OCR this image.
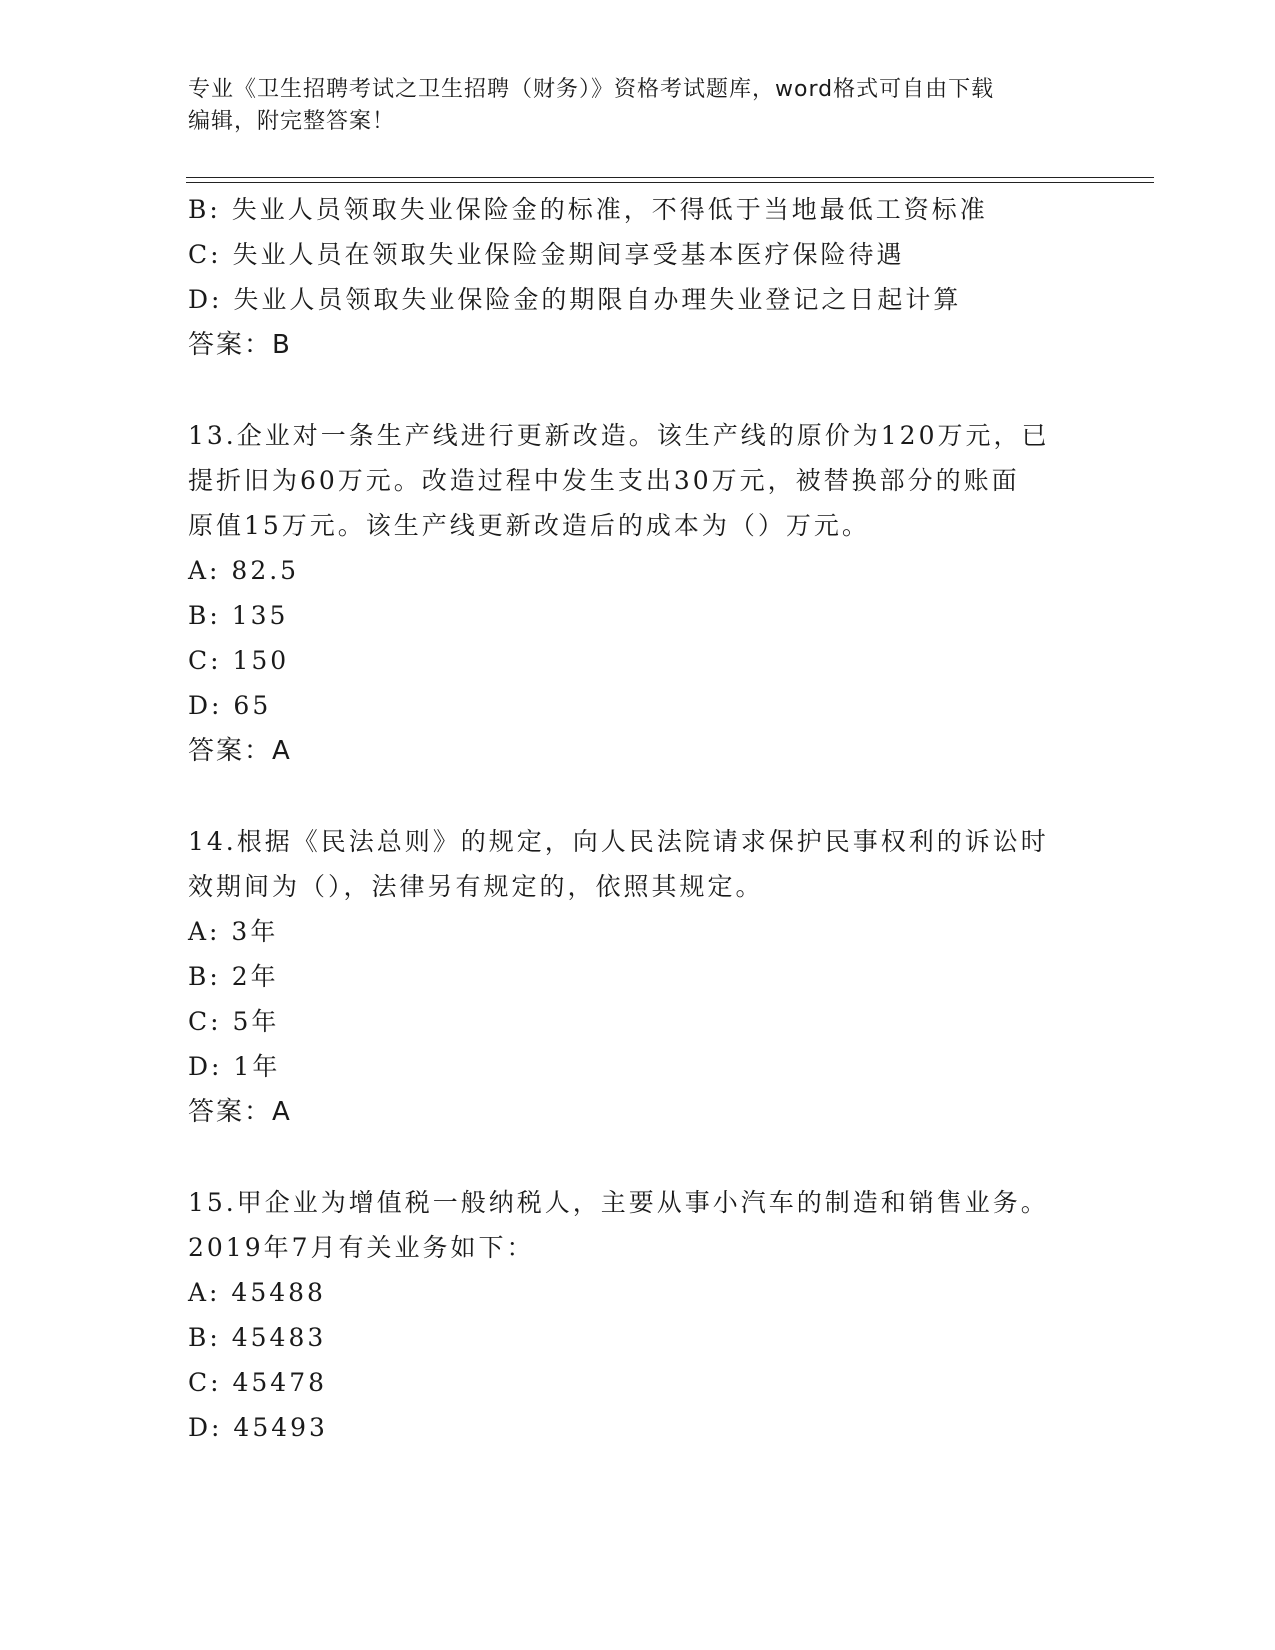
专业《卫生招聘考试之卫生招聘（财务）》资格考试题库，word格式可自由下载
编辑，附完整答案！
B: 失业人员领取失业保险金的标准，不得低于当地最低工资标准
C: 失业人员在领取失业保险金期间享受基本医疗保险待遇
D: 失业人员领取失业保险金的期限自办理失业登记之日起计算
答案：B
13.企业对一条生产线进行更新改造。该生产线的原价为120万元，已
提折旧为60万元。改造过程中发生支出30万元，被替换部分的账面
原值15万元。该生产线更新改造后的成本为（）万元。
A: 82.5
B: 135
C: 150
D: 65
答案：A
14.根据《民法总则》的规定，向人民法院请求保护民事权利的诉讼时
效期间为（），法律另有规定的，依照其规定。
A: 3年
B: 2年
C: 5年
D: 1年
答案：A
15.甲企业为增值税一般纳税人，主要从事小汽车的制造和销售业务。
2019年7月有关业务如下：
A: 45488
B: 45483
C: 45478
D: 45493
